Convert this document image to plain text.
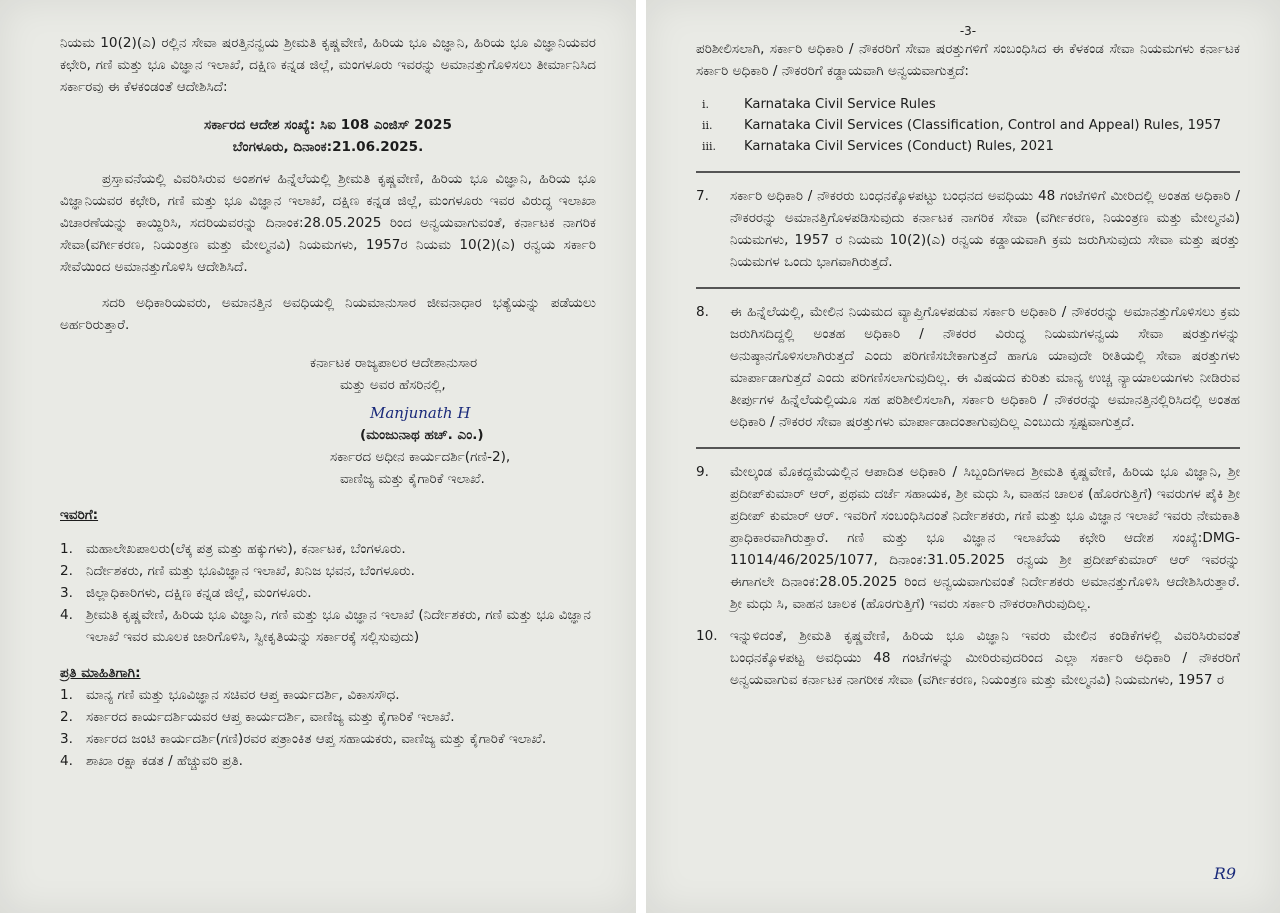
ನಿಯಮ 10(2)(ಎ) ರಲ್ಲಿನ ಸೇವಾ ಷರತ್ತಿನನ್ವಯ ಶ್ರೀಮತಿ ಕೃಷ್ಣವೇಣಿ, ಹಿರಿಯ ಭೂ ವಿಜ್ಞಾನಿ, ಹಿರಿಯ ಭೂ ವಿಜ್ಞಾನಿಯವರ ಕಛೇರಿ, ಗಣಿ ಮತ್ತು ಭೂ ವಿಜ್ಞಾನ ಇಲಾಖೆ, ದಕ್ಷಿಣ ಕನ್ನಡ ಜಿಲ್ಲೆ, ಮಂಗಳೂರು ಇವರನ್ನು ಅಮಾನತ್ತುಗೊಳಿಸಲು ತೀರ್ಮಾನಿಸಿದ ಸರ್ಕಾರವು ಈ ಕೆಳಕಂಡಂತೆ ಆದೇಶಿಸಿದೆ:

ಸರ್ಕಾರದ ಆದೇಶ ಸಂಖ್ಯೆ: ಸಿಐ 108 ಎಂಜಿಸ್ 2025

ಬೆಂಗಳೂರು, ದಿನಾಂಕ:21.06.2025.

ಪ್ರಸ್ತಾವನೆಯಲ್ಲಿ ವಿವರಿಸಿರುವ ಅಂಶಗಳ ಹಿನ್ನೆಲೆಯಲ್ಲಿ ಶ್ರೀಮತಿ ಕೃಷ್ಣವೇಣಿ, ಹಿರಿಯ ಭೂ ವಿಜ್ಞಾನಿ, ಹಿರಿಯ ಭೂ ವಿಜ್ಞಾನಿಯವರ ಕಛೇರಿ, ಗಣಿ ಮತ್ತು ಭೂ ವಿಜ್ಞಾನ ಇಲಾಖೆ, ದಕ್ಷಿಣ ಕನ್ನಡ ಜಿಲ್ಲೆ, ಮಂಗಳೂರು ಇವರ ವಿರುದ್ಧ ಇಲಾಖಾ ವಿಚಾರಣೆಯನ್ನು ಕಾಯ್ದಿರಿಸಿ, ಸದರಿಯವರನ್ನು ದಿನಾಂಕ:28.05.2025 ರಿಂದ ಅನ್ವಯವಾಗುವಂತೆ, ಕರ್ನಾಟಕ ನಾಗರಿಕ ಸೇವಾ(ವರ್ಗೀಕರಣ, ನಿಯಂತ್ರಣ ಮತ್ತು ಮೇಲ್ಮನವಿ) ನಿಯಮಗಳು, 1957ರ ನಿಯಮ 10(2)(ಎ) ರನ್ವಯ ಸರ್ಕಾರಿ ಸೇವೆಯಿಂದ ಅಮಾನತ್ತುಗೊಳಿಸಿ ಆದೇಶಿಸಿದೆ.

ಸದರಿ ಅಧಿಕಾರಿಯವರು, ಅಮಾನತ್ತಿನ ಅವಧಿಯಲ್ಲಿ ನಿಯಮಾನುಸಾರ ಜೀವನಾಧಾರ ಭತ್ಯೆಯನ್ನು ಪಡೆಯಲು ಅರ್ಹರಿರುತ್ತಾರೆ.

ಕರ್ನಾಟಕ ರಾಜ್ಯಪಾಲರ ಆದೇಶಾನುಸಾರ

ಮತ್ತು ಅವರ ಹೆಸರಿನಲ್ಲಿ,

Manjunath H

(ಮಂಜುನಾಥ ಹಚ್. ಎಂ.)

ಸರ್ಕಾರದ ಅಧೀನ ಕಾರ್ಯದರ್ಶಿ(ಗಣಿ-2),

ವಾಣಿಜ್ಯ ಮತ್ತು ಕೈಗಾರಿಕೆ ಇಲಾಖೆ.

ಇವರಿಗೆ:

1. ಮಹಾಲೇಖಪಾಲರು(ಲೆಕ್ಕ ಪತ್ರ ಮತ್ತು ಹಕ್ಕುಗಳು), ಕರ್ನಾಟಕ, ಬೆಂಗಳೂರು.
2. ನಿರ್ದೇಶಕರು, ಗಣಿ ಮತ್ತು ಭೂವಿಜ್ಞಾನ ಇಲಾಖೆ, ಖನಿಜ ಭವನ, ಬೆಂಗಳೂರು.
3. ಜಿಲ್ಲಾಧಿಕಾರಿಗಳು, ದಕ್ಷಿಣ ಕನ್ನಡ ಜಿಲ್ಲೆ, ಮಂಗಳೂರು.
4. ಶ್ರೀಮತಿ ಕೃಷ್ಣವೇಣಿ, ಹಿರಿಯ ಭೂ ವಿಜ್ಞಾನಿ, ಗಣಿ ಮತ್ತು ಭೂ ವಿಜ್ಞಾನ ಇಲಾಖೆ (ನಿರ್ದೇಶಕರು, ಗಣಿ ಮತ್ತು ಭೂ ವಿಜ್ಞಾನ ಇಲಾಖೆ ಇವರ ಮೂಲಕ ಜಾರಿಗೊಳಿಸಿ, ಸ್ವೀಕೃತಿಯನ್ನು ಸರ್ಕಾರಕ್ಕೆ ಸಲ್ಲಿಸುವುದು)

ಪ್ರತಿ ಮಾಹಿತಿಗಾಗಿ:

1. ಮಾನ್ಯ ಗಣಿ ಮತ್ತು ಭೂವಿಜ್ಞಾನ ಸಚಿವರ ಆಪ್ತ ಕಾರ್ಯದರ್ಶಿ, ವಿಕಾಸಸೌಧ.
2. ಸರ್ಕಾರದ ಕಾರ್ಯದರ್ಶಿಯವರ ಆಪ್ತ ಕಾರ್ಯದರ್ಶಿ, ವಾಣಿಜ್ಯ ಮತ್ತು ಕೈಗಾರಿಕೆ ಇಲಾಖೆ.
3. ಸರ್ಕಾರದ ಜಂಟಿ ಕಾರ್ಯದರ್ಶಿ(ಗಣಿ)ರವರ ಪತ್ರಾಂಕಿತ ಆಪ್ತ ಸಹಾಯಕರು, ವಾಣಿಜ್ಯ ಮತ್ತು ಕೈಗಾರಿಕೆ ಇಲಾಖೆ.
4. ಶಾಖಾ ರಕ್ಷಾ ಕಡತ / ಹೆಚ್ಚುವರಿ ಪ್ರತಿ.

-3-

ಪರಿಶೀಲಿಸಲಾಗಿ, ಸರ್ಕಾರಿ ಅಧಿಕಾರಿ / ನೌಕರರಿಗೆ ಸೇವಾ ಷರತ್ತುಗಳಿಗೆ ಸಂಬಂಧಿಸಿದ ಈ ಕೆಳಕಂಡ ಸೇವಾ ನಿಯಮಗಳು ಕರ್ನಾಟಕ ಸರ್ಕಾರಿ ಅಧಿಕಾರಿ / ನೌಕರರಿಗೆ ಕಡ್ಡಾಯವಾಗಿ ಅನ್ವಯವಾಗುತ್ತದೆ:

i.	Karnataka Civil Service Rules
ii. Karnataka Civil Services (Classification, Control and Appeal) Rules, 1957
iii. Karnataka Civil Services (Conduct) Rules, 2021
7. ಸರ್ಕಾರಿ ಅಧಿಕಾರಿ / ನೌಕರರು ಬಂಧನಕ್ಕೊಳಪಟ್ಟು ಬಂಧನದ ಅವಧಿಯು 48 ಗಂಟೆಗಳಿಗೆ ಮೀರಿದಲ್ಲಿ ಅಂತಹ ಅಧಿಕಾರಿ / ನೌಕರರನ್ನು ಅಮಾನತ್ತಿಗೊಳಪಡಿಸುವುದು ಕರ್ನಾಟಕ ನಾಗರಿಕ ಸೇವಾ (ವರ್ಗೀಕರಣ, ನಿಯಂತ್ರಣ ಮತ್ತು ಮೇಲ್ಮನವಿ) ನಿಯಮಗಳು, 1957 ರ ನಿಯಮ 10(2)(ಎ) ರನ್ವಯ ಕಡ್ಡಾಯವಾಗಿ ಕ್ರಮ ಜರುಗಿಸುವುದು ಸೇವಾ ಮತ್ತು ಷರತ್ತು ನಿಯಮಗಳ ಒಂದು ಭಾಗವಾಗಿರುತ್ತದೆ.

8. ಈ ಹಿನ್ನೆಲೆಯಲ್ಲಿ, ಮೇಲಿನ ನಿಯಮದ ವ್ಯಾಪ್ತಿಗೊಳಪಡುವ ಸರ್ಕಾರಿ ಅಧಿಕಾರಿ / ನೌಕರರನ್ನು ಅಮಾನತ್ತುಗೊಳಿಸಲು ಕ್ರಮ ಜರುಗಿಸದಿದ್ದಲ್ಲಿ ಅಂತಹ ಅಧಿಕಾರಿ / ನೌಕರರ ವಿರುದ್ಧ ನಿಯಮಗಳನ್ವಯ ಸೇವಾ ಷರತ್ತುಗಳನ್ನು ಅನುಷ್ಠಾನಗೊಳಿಸಲಾಗಿರುತ್ತದೆ ಎಂದು ಪರಿಗಣಿಸಬೇಕಾಗುತ್ತದೆ ಹಾಗೂ ಯಾವುದೇ ರೀತಿಯಲ್ಲಿ ಸೇವಾ ಷರತ್ತುಗಳು ಮಾರ್ಪಾಡಾಗುತ್ತದೆ ಎಂದು ಪರಿಗಣಿಸಲಾಗುವುದಿಲ್ಲ. ಈ ವಿಷಯದ ಕುರಿತು ಮಾನ್ಯ ಉಚ್ಚ ನ್ಯಾಯಾಲಯಗಳು ನೀಡಿರುವ ತೀರ್ಪುಗಳ ಹಿನ್ನೆಲೆಯಲ್ಲಿಯೂ ಸಹ ಪರಿಶೀಲಿಸಲಾಗಿ, ಸರ್ಕಾರಿ ಅಧಿಕಾರಿ / ನೌಕರರನ್ನು ಅಮಾನತ್ತಿನಲ್ಲಿರಿಸಿದಲ್ಲಿ ಅಂತಹ ಅಧಿಕಾರಿ / ನೌಕರರ ಸೇವಾ ಷರತ್ತುಗಳು ಮಾರ್ಪಾಡಾದಂತಾಗುವುದಿಲ್ಲ ಎಂಬುದು ಸ್ಪಷ್ಟವಾಗುತ್ತದೆ.

9. ಮೇಲ್ಕಂಡ ಮೊಕದ್ದಮೆಯಲ್ಲಿನ ಆಪಾದಿತ ಅಧಿಕಾರಿ / ಸಿಬ್ಬಂದಿಗಳಾದ ಶ್ರೀಮತಿ ಕೃಷ್ಣವೇಣಿ, ಹಿರಿಯ ಭೂ ವಿಜ್ಞಾನಿ, ಶ್ರೀ ಪ್ರದೀಪ್‌ಕುಮಾರ್ ಆರ್, ಪ್ರಥಮ ದರ್ಜೆ ಸಹಾಯಕ, ಶ್ರೀ ಮಧು ಸಿ, ವಾಹನ ಚಾಲಕ (ಹೊರಗುತ್ತಿಗೆ) ಇವರುಗಳ ಪೈಕಿ ಶ್ರೀ ಪ್ರದೀಪ್ ಕುಮಾರ್ ಆರ್. ಇವರಿಗೆ ಸಂಬಂಧಿಸಿದಂತೆ ನಿರ್ದೇಶಕರು, ಗಣಿ ಮತ್ತು ಭೂ ವಿಜ್ಞಾನ ಇಲಾಖೆ ಇವರು ನೇಮಕಾತಿ ಪ್ರಾಧಿಕಾರವಾಗಿರುತ್ತಾರೆ. ಗಣಿ ಮತ್ತು ಭೂ ವಿಜ್ಞಾನ ಇಲಾಖೆಯ ಕಛೇರಿ ಆದೇಶ ಸಂಖ್ಯೆ:DMG-11014/46/2025/1077, ದಿನಾಂಕ:31.05.2025 ರನ್ವಯ ಶ್ರೀ ಪ್ರದೀಪ್‌ಕುಮಾರ್ ಆರ್ ಇವರನ್ನು ಈಗಾಗಲೇ ದಿನಾಂಕ:28.05.2025 ರಿಂದ ಅನ್ವಯವಾಗುವಂತೆ ನಿರ್ದೇಶಕರು ಅಮಾನತ್ತುಗೊಳಿಸಿ ಆದೇಶಿಸಿರುತ್ತಾರೆ. ಶ್ರೀ ಮಧು ಸಿ, ವಾಹನ ಚಾಲಕ (ಹೊರಗುತ್ತಿಗೆ) ಇವರು ಸರ್ಕಾರಿ ನೌಕರರಾಗಿರುವುದಿಲ್ಲ.

10. ಇನ್ನುಳಿದಂತೆ, ಶ್ರೀಮತಿ ಕೃಷ್ಣವೇಣಿ, ಹಿರಿಯ ಭೂ ವಿಜ್ಞಾನಿ ಇವರು ಮೇಲಿನ ಕಂಡಿಕೆಗಳಲ್ಲಿ ವಿವರಿಸಿರುವಂತೆ ಬಂಧನಕ್ಕೊಳಪಟ್ಟ ಅವಧಿಯು 48 ಗಂಟೆಗಳನ್ನು ಮೀರಿರುವುದರಿಂದ ಎಲ್ಲಾ ಸರ್ಕಾರಿ ಅಧಿಕಾರಿ / ನೌಕರರಿಗೆ ಅನ್ವಯವಾಗುವ ಕರ್ನಾಟಕ ನಾಗರೀಕ ಸೇವಾ (ವರ್ಗೀಕರಣ, ನಿಯಂತ್ರಣ ಮತ್ತು ಮೇಲ್ಮನವಿ) ನಿಯಮಗಳು, 1957 ರ

R9
